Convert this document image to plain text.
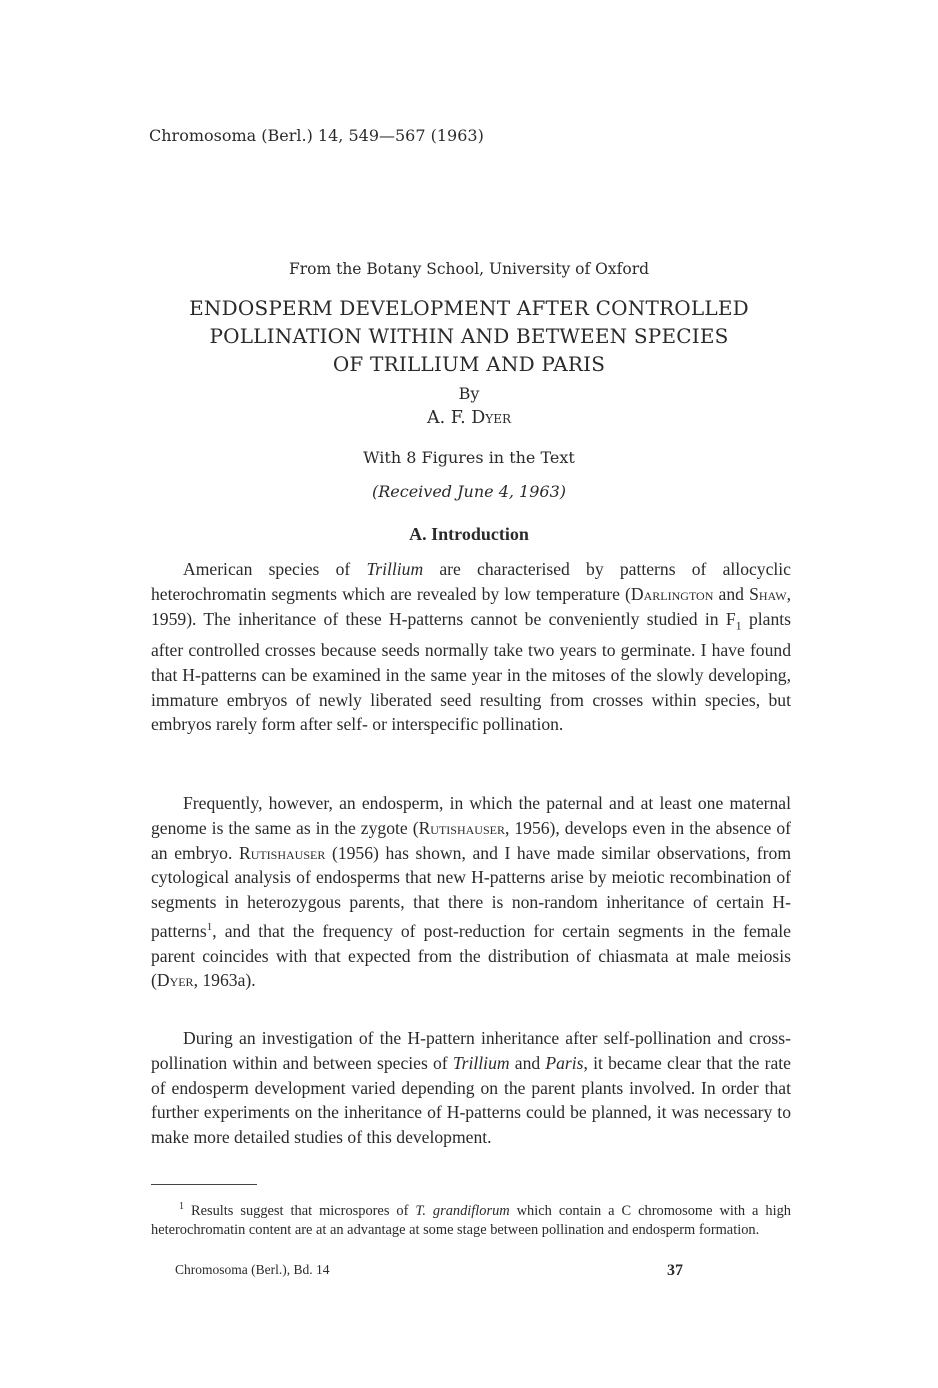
Chromosoma (Berl.) 14, 549—567 (1963)
From the Botany School, University of Oxford
ENDOSPERM DEVELOPMENT AFTER CONTROLLED
POLLINATION WITHIN AND BETWEEN SPECIES
OF TRILLIUM AND PARIS
By
A. F. Dyer
With 8 Figures in the Text
(Received June 4, 1963)
A. Introduction

American species of Trillium are characterised by patterns of allocyclic heterochromatin segments which are revealed by low temperature (Darlington and Shaw, 1959). The inheritance of these H-patterns cannot be conveniently studied in $F_1$ plants after controlled crosses because seeds normally take two years to germinate. I have found that H-patterns can be examined in the same year in the mitoses of the slowly developing, immature embryos of newly liberated seed resulting from crosses within species, but embryos rarely form after self- or interspecific pollination.

Frequently, however, an endosperm, in which the paternal and at least one maternal genome is the same as in the zygote (Rutishauser, 1956), develops even in the absence of an embryo. Rutishauser (1956) has shown, and I have made similar observations, from cytological analysis of endosperms that new H-patterns arise by meiotic recombination of segments in heterozygous parents, that there is non-random inheritance of certain H-patterns$^1$, and that the frequency of post-reduction for certain segments in the female parent coincides with that expected from the distribution of chiasmata at male meiosis (Dyer, 1963a).

During an investigation of the H-pattern inheritance after self-pollination and cross-pollination within and between species of Trillium and Paris, it became clear that the rate of endosperm development varied depending on the parent plants involved. In order that further experiments on the inheritance of H-patterns could be planned, it was necessary to make more detailed studies of this development.

$^1$ Results suggest that microspores of T. grandiflorum which contain a C chromosome with a high heterochromatin content are at an advantage at some stage between pollination and endosperm formation.
Chromosoma (Berl.), Bd. 14	37
